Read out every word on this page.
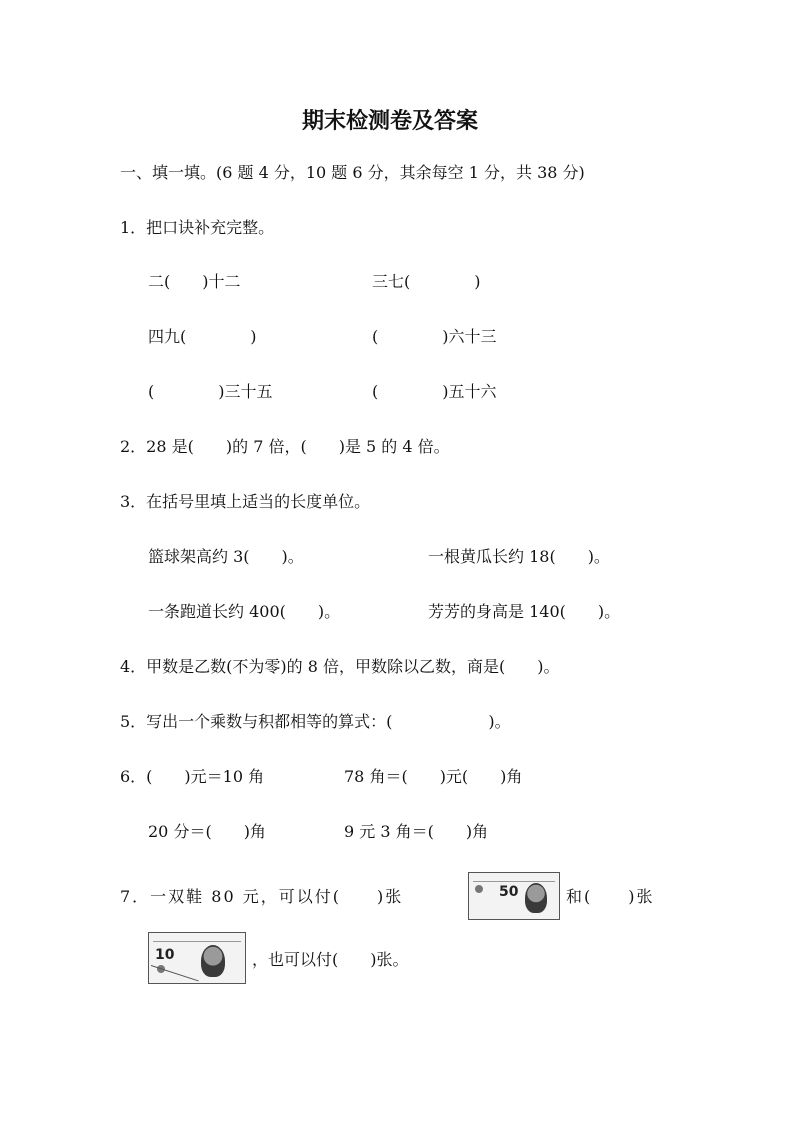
期末检测卷及答案
一、填一填。(6 题 4 分，10 题 6 分，其余每空 1 分，共 38 分)
1．把口诀补充完整。
二(　　)十二	三七(　　　　)
四九(　　　　)	(　　　　)六十三
(　　　　)三十五	(　　　　)五十六
2．28 是(　　)的 7 倍，(　　)是 5 的 4 倍。
3．在括号里填上适当的长度单位。
篮球架高约 3(　　)。	一根黄瓜长约 18(　　)。
一条跑道长约 400(　　)。	芳芳的身高是 140(　　)。
4．甲数是乙数(不为零)的 8 倍，甲数除以乙数，商是(　　)。
5．写出一个乘数与积都相等的算式：(　　　　　　)。
6．(　　)元＝10 角	78 角＝(　　)元(　　)角
20 分＝(　　)角	9 元 3 角＝(　　)角
7．一双鞋 80 元，可以付(　　)张	50	和(　　)张
10	，也可以付(　　)张。
